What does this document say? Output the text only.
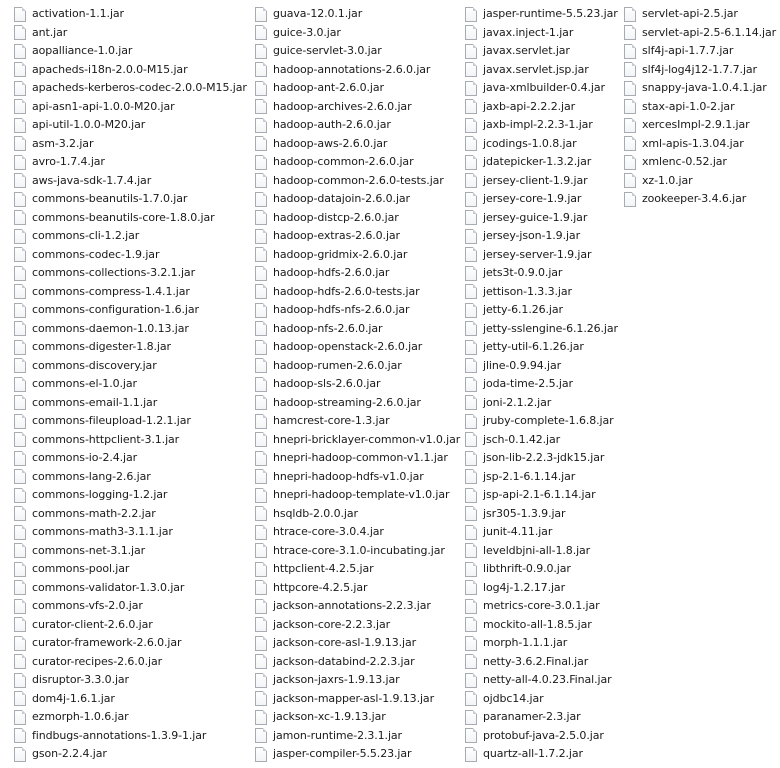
activation-1.1.jar
ant.jar
aopalliance-1.0.jar
apacheds-i18n-2.0.0-M15.jar
apacheds-kerberos-codec-2.0.0-M15.jar
api-asn1-api-1.0.0-M20.jar
api-util-1.0.0-M20.jar
asm-3.2.jar
avro-1.7.4.jar
aws-java-sdk-1.7.4.jar
commons-beanutils-1.7.0.jar
commons-beanutils-core-1.8.0.jar
commons-cli-1.2.jar
commons-codec-1.9.jar
commons-collections-3.2.1.jar
commons-compress-1.4.1.jar
commons-configuration-1.6.jar
commons-daemon-1.0.13.jar
commons-digester-1.8.jar
commons-discovery.jar
commons-el-1.0.jar
commons-email-1.1.jar
commons-fileupload-1.2.1.jar
commons-httpclient-3.1.jar
commons-io-2.4.jar
commons-lang-2.6.jar
commons-logging-1.2.jar
commons-math-2.2.jar
commons-math3-3.1.1.jar
commons-net-3.1.jar
commons-pool.jar
commons-validator-1.3.0.jar
commons-vfs-2.0.jar
curator-client-2.6.0.jar
curator-framework-2.6.0.jar
curator-recipes-2.6.0.jar
disruptor-3.3.0.jar
dom4j-1.6.1.jar
ezmorph-1.0.6.jar
findbugs-annotations-1.3.9-1.jar
gson-2.2.4.jar
guava-12.0.1.jar
guice-3.0.jar
guice-servlet-3.0.jar
hadoop-annotations-2.6.0.jar
hadoop-ant-2.6.0.jar
hadoop-archives-2.6.0.jar
hadoop-auth-2.6.0.jar
hadoop-aws-2.6.0.jar
hadoop-common-2.6.0.jar
hadoop-common-2.6.0-tests.jar
hadoop-datajoin-2.6.0.jar
hadoop-distcp-2.6.0.jar
hadoop-extras-2.6.0.jar
hadoop-gridmix-2.6.0.jar
hadoop-hdfs-2.6.0.jar
hadoop-hdfs-2.6.0-tests.jar
hadoop-hdfs-nfs-2.6.0.jar
hadoop-nfs-2.6.0.jar
hadoop-openstack-2.6.0.jar
hadoop-rumen-2.6.0.jar
hadoop-sls-2.6.0.jar
hadoop-streaming-2.6.0.jar
hamcrest-core-1.3.jar
hnepri-bricklayer-common-v1.0.jar
hnepri-hadoop-common-v1.1.jar
hnepri-hadoop-hdfs-v1.0.jar
hnepri-hadoop-template-v1.0.jar
hsqldb-2.0.0.jar
htrace-core-3.0.4.jar
htrace-core-3.1.0-incubating.jar
httpclient-4.2.5.jar
httpcore-4.2.5.jar
jackson-annotations-2.2.3.jar
jackson-core-2.2.3.jar
jackson-core-asl-1.9.13.jar
jackson-databind-2.2.3.jar
jackson-jaxrs-1.9.13.jar
jackson-mapper-asl-1.9.13.jar
jackson-xc-1.9.13.jar
jamon-runtime-2.3.1.jar
jasper-compiler-5.5.23.jar
jasper-runtime-5.5.23.jar
javax.inject-1.jar
javax.servlet.jar
javax.servlet.jsp.jar
java-xmlbuilder-0.4.jar
jaxb-api-2.2.2.jar
jaxb-impl-2.2.3-1.jar
jcodings-1.0.8.jar
jdatepicker-1.3.2.jar
jersey-client-1.9.jar
jersey-core-1.9.jar
jersey-guice-1.9.jar
jersey-json-1.9.jar
jersey-server-1.9.jar
jets3t-0.9.0.jar
jettison-1.3.3.jar
jetty-6.1.26.jar
jetty-sslengine-6.1.26.jar
jetty-util-6.1.26.jar
jline-0.9.94.jar
joda-time-2.5.jar
joni-2.1.2.jar
jruby-complete-1.6.8.jar
jsch-0.1.42.jar
json-lib-2.2.3-jdk15.jar
jsp-2.1-6.1.14.jar
jsp-api-2.1-6.1.14.jar
jsr305-1.3.9.jar
junit-4.11.jar
leveldbjni-all-1.8.jar
libthrift-0.9.0.jar
log4j-1.2.17.jar
metrics-core-3.0.1.jar
mockito-all-1.8.5.jar
morph-1.1.1.jar
netty-3.6.2.Final.jar
netty-all-4.0.23.Final.jar
ojdbc14.jar
paranamer-2.3.jar
protobuf-java-2.5.0.jar
quartz-all-1.7.2.jar
servlet-api-2.5.jar
servlet-api-2.5-6.1.14.jar
slf4j-api-1.7.7.jar
slf4j-log4j12-1.7.7.jar
snappy-java-1.0.4.1.jar
stax-api-1.0-2.jar
xercesImpl-2.9.1.jar
xml-apis-1.3.04.jar
xmlenc-0.52.jar
xz-1.0.jar
zookeeper-3.4.6.jar
